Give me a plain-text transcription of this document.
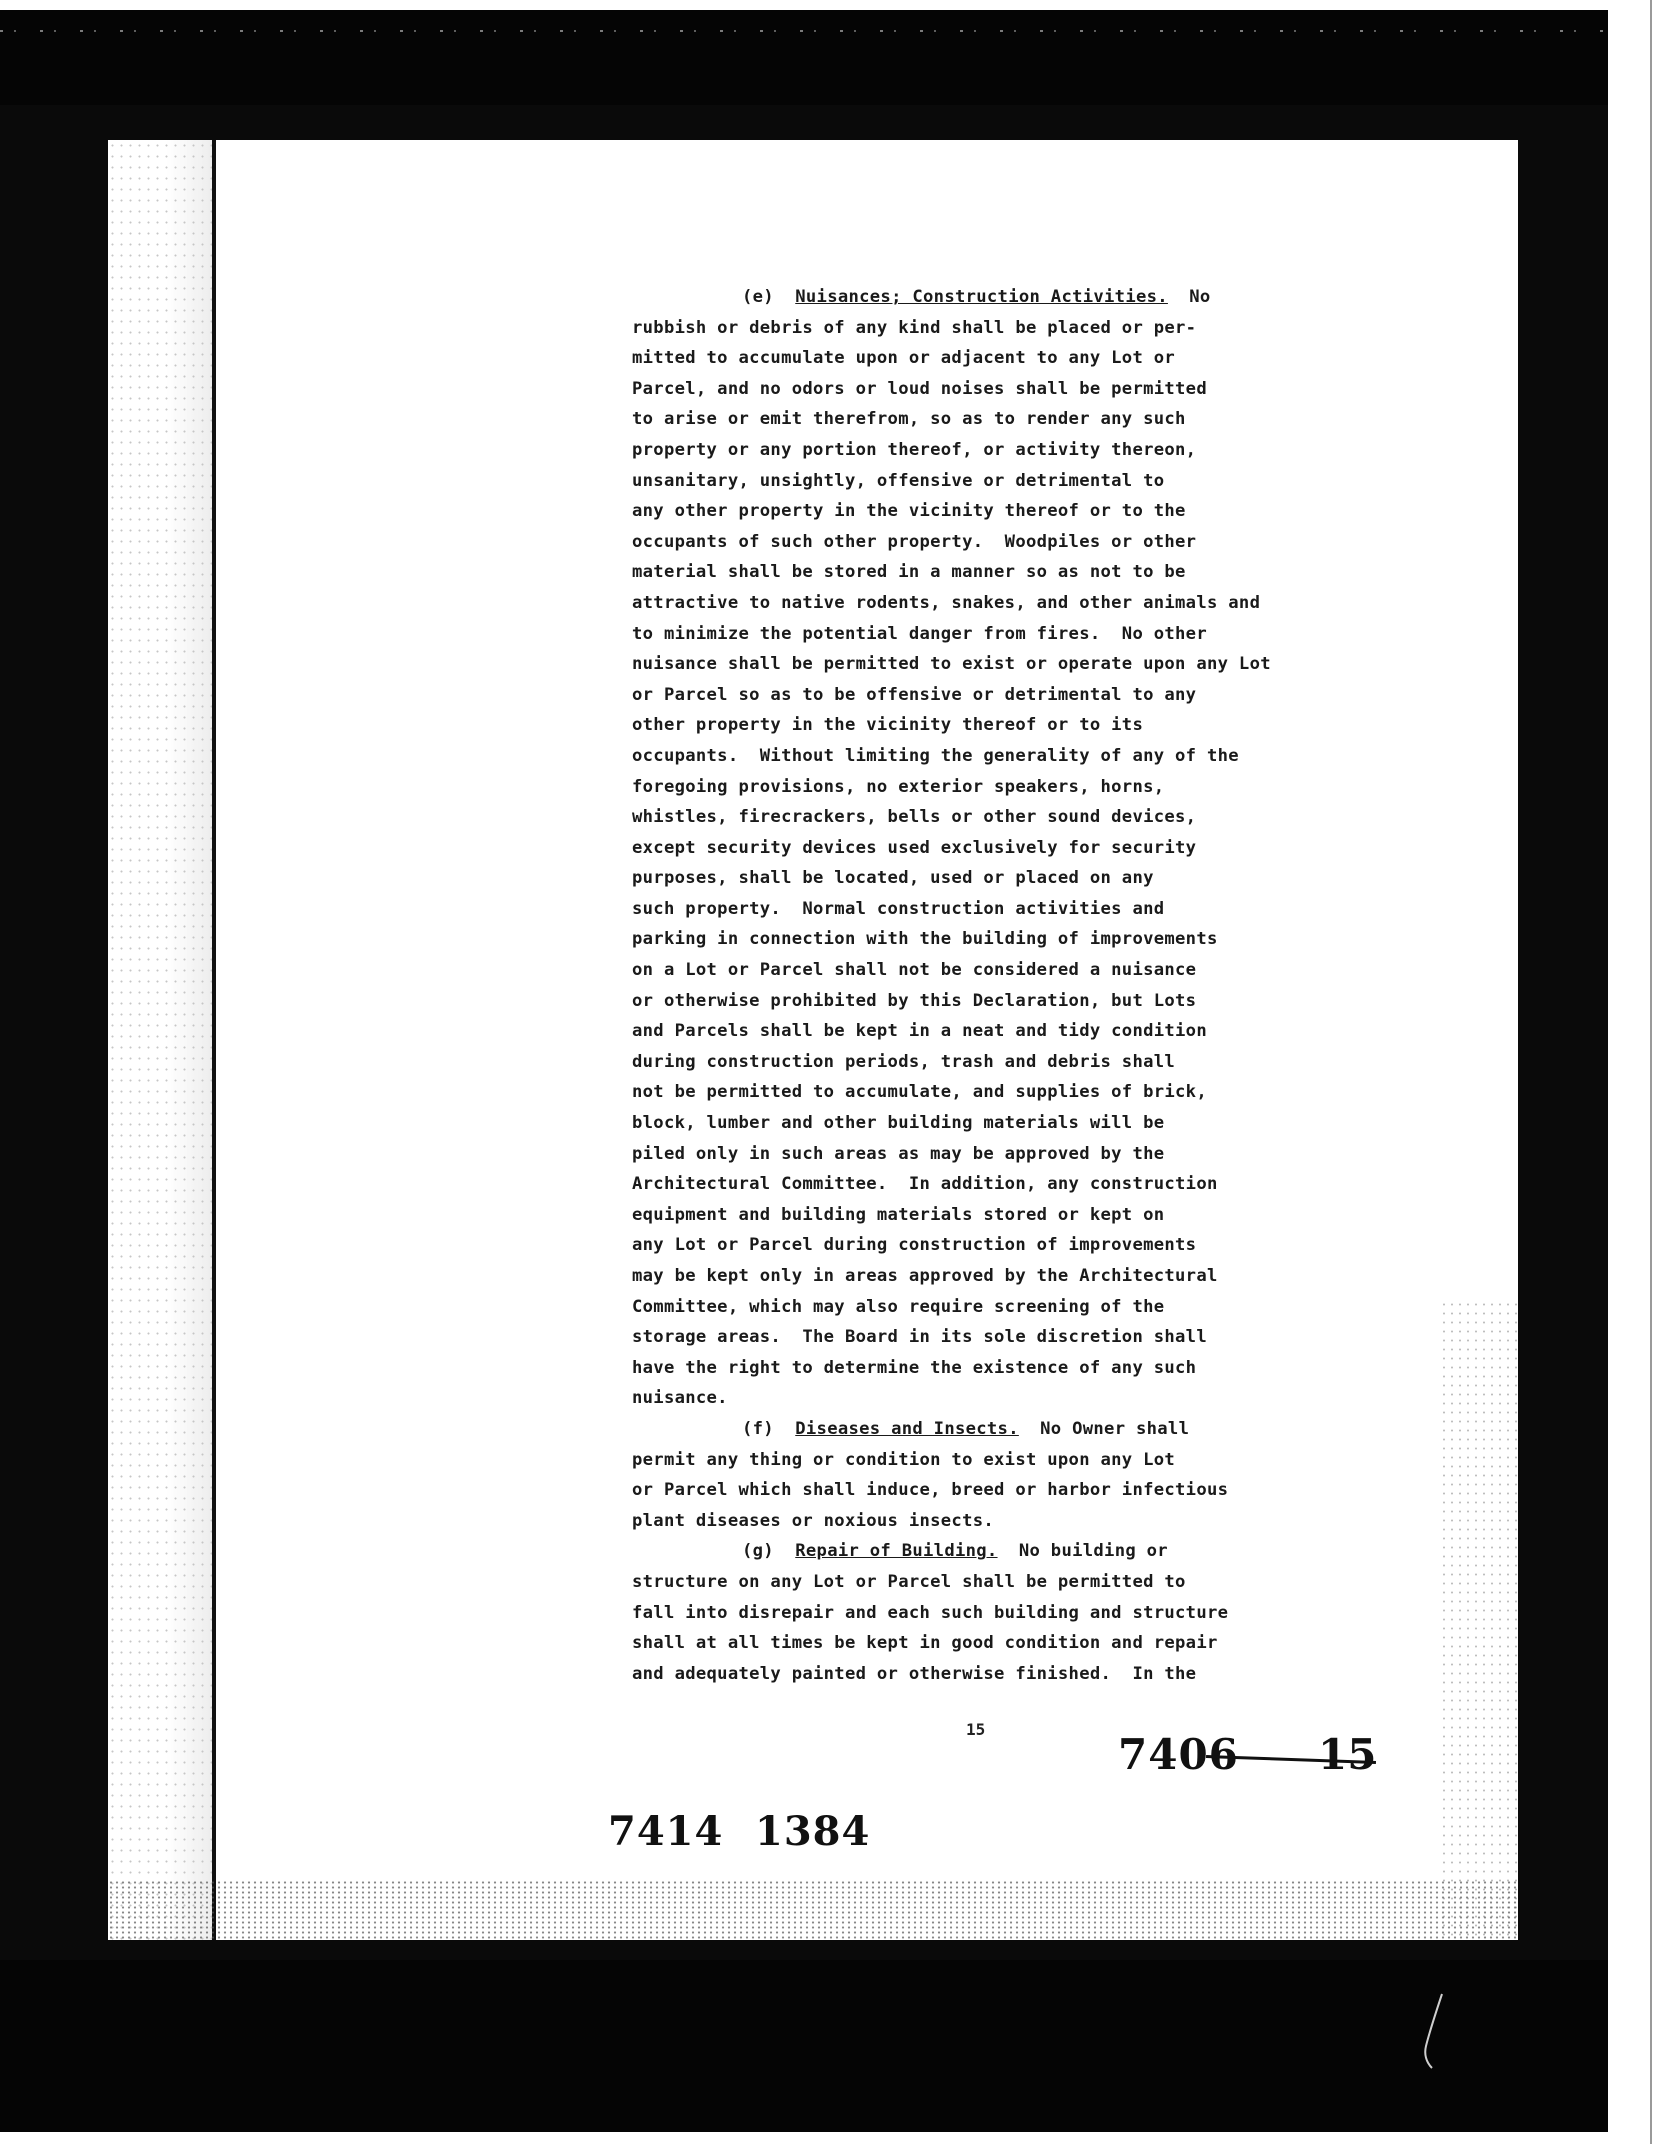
(e) Nuisances; Construction Activities.  No
rubbish or debris of any kind shall be placed or per-
mitted to accumulate upon or adjacent to any Lot or
Parcel, and no odors or loud noises shall be permitted
to arise or emit therefrom, so as to render any such
property or any portion thereof, or activity thereon,
unsanitary, unsightly, offensive or detrimental to
any other property in the vicinity thereof or to the
occupants of such other property.  Woodpiles or other
material shall be stored in a manner so as not to be
attractive to native rodents, snakes, and other animals and
to minimize the potential danger from fires.  No other
nuisance shall be permitted to exist or operate upon any Lot
or Parcel so as to be offensive or detrimental to any
other property in the vicinity thereof or to its
occupants.  Without limiting the generality of any of the
foregoing provisions, no exterior speakers, horns,
whistles, firecrackers, bells or other sound devices,
except security devices used exclusively for security
purposes, shall be located, used or placed on any
such property.  Normal construction activities and
parking in connection with the building of improvements
on a Lot or Parcel shall not be considered a nuisance
or otherwise prohibited by this Declaration, but Lots
and Parcels shall be kept in a neat and tidy condition
during construction periods, trash and debris shall
not be permitted to accumulate, and supplies of brick,
block, lumber and other building materials will be
piled only in such areas as may be approved by the
Architectural Committee.  In addition, any construction
equipment and building materials stored or kept on
any Lot or Parcel during construction of improvements
may be kept only in areas approved by the Architectural
Committee, which may also require screening of the
storage areas.  The Board in its sole discretion shall
have the right to determine the existence of any such
nuisance.
(f) Diseases and Insects.  No Owner shall
permit any thing or condition to exist upon any Lot
or Parcel which shall induce, breed or harbor infectious
plant diseases or noxious insects.
(g) Repair of Building.  No building or
structure on any Lot or Parcel shall be permitted to
fall into disrepair and each such building and structure
shall at all times be kept in good condition and repair
and adequately painted or otherwise finished.  In the
15
7406 15
7414 1384
